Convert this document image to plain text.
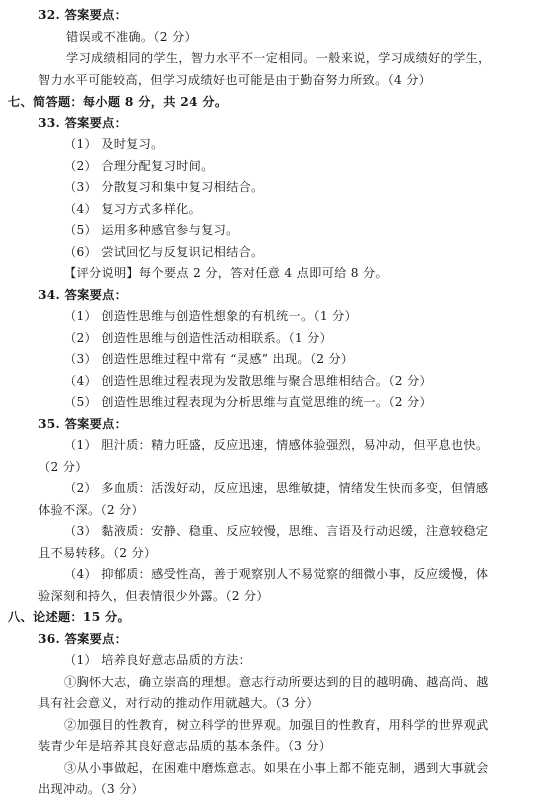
32. 答案要点：
错误或不准确。（2 分）
学习成绩相同的学生，智力水平不一定相同。一般来说，学习成绩好的学生，
智力水平可能较高，但学习成绩好也可能是由于勤奋努力所致。（4 分）
七、简答题：每小题 8 分，共 24 分。
33. 答案要点：
（1） 及时复习。
（2） 合理分配复习时间。
（3） 分散复习和集中复习相结合。
（4） 复习方式多样化。
（5） 运用多种感官参与复习。
（6） 尝试回忆与反复识记相结合。
【评分说明】每个要点 2 分，答对任意 4 点即可给 8 分。
34. 答案要点：
（1） 创造性思维与创造性想象的有机统一。（1 分）
（2） 创造性思维与创造性活动相联系。（1 分）
（3） 创造性思维过程中常有 “灵感” 出现。（2 分）
（4） 创造性思维过程表现为发散思维与聚合思维相结合。（2 分）
（5） 创造性思维过程表现为分析思维与直觉思维的统一。（2 分）
35. 答案要点：
（1） 胆汁质：精力旺盛，反应迅速，情感体验强烈，易冲动，但平息也快。
（2 分）
（2） 多血质：活泼好动，反应迅速，思维敏捷，情绪发生快而多变，但情感
体验不深。（2 分）
（3） 黏液质：安静、稳重、反应较慢，思维、言语及行动迟缓，注意较稳定
且不易转移。（2 分）
（4） 抑郁质：感受性高，善于观察别人不易觉察的细微小事，反应缓慢，体
验深刻和持久，但表情很少外露。（2 分）
八、论述题：15 分。
36. 答案要点：
（1） 培养良好意志品质的方法：
①胸怀大志，确立崇高的理想。意志行动所要达到的目的越明确、越高尚、越
具有社会意义，对行动的推动作用就越大。（3 分）
②加强目的性教育，树立科学的世界观。加强目的性教育，用科学的世界观武
装青少年是培养其良好意志品质的基本条件。（3 分）
③从小事做起，在困难中磨炼意志。如果在小事上都不能克制，遇到大事就会
出现冲动。（3 分）
